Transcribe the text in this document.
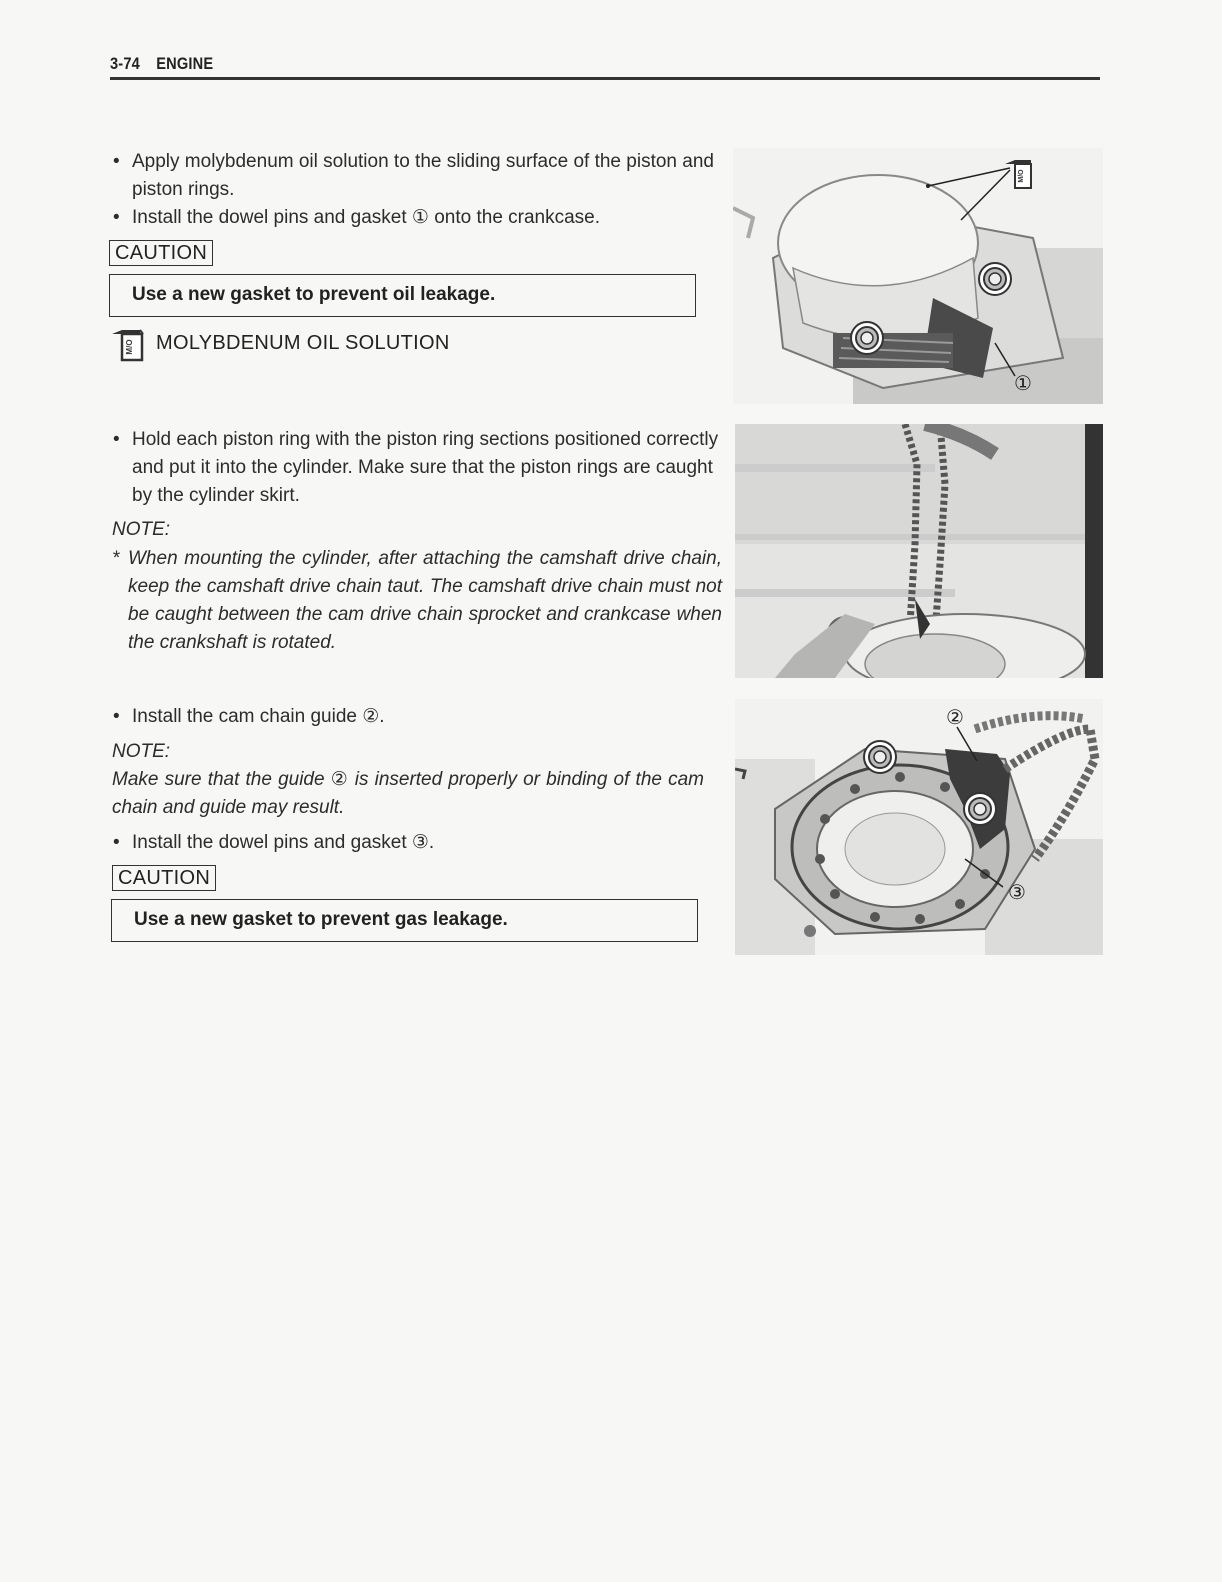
3-74 ENGINE
• Apply molybdenum oil solution to the sliding surface of the piston and piston rings.
• Install the dowel pins and gasket ① onto the crankcase.
CAUTION
Use a new gasket to prevent oil leakage.
M/O MOLYBDENUM OIL SOLUTION
• Hold each piston ring with the piston ring sections positioned correctly and put it into the cylinder. Make sure that the piston rings are caught by the cylinder skirt.
NOTE:
* When mounting the cylinder, after attaching the camshaft drive chain, keep the camshaft drive chain taut. The camshaft drive chain must not be caught between the cam drive chain sprocket and crankcase when the crankshaft is rotated.
• Install the cam chain guide ②.
NOTE:
Make sure that the guide ② is inserted properly or binding of the cam chain and guide may result.
• Install the dowel pins and gasket ③.
CAUTION
Use a new gasket to prevent gas leakage.
M/O
①
②
③
